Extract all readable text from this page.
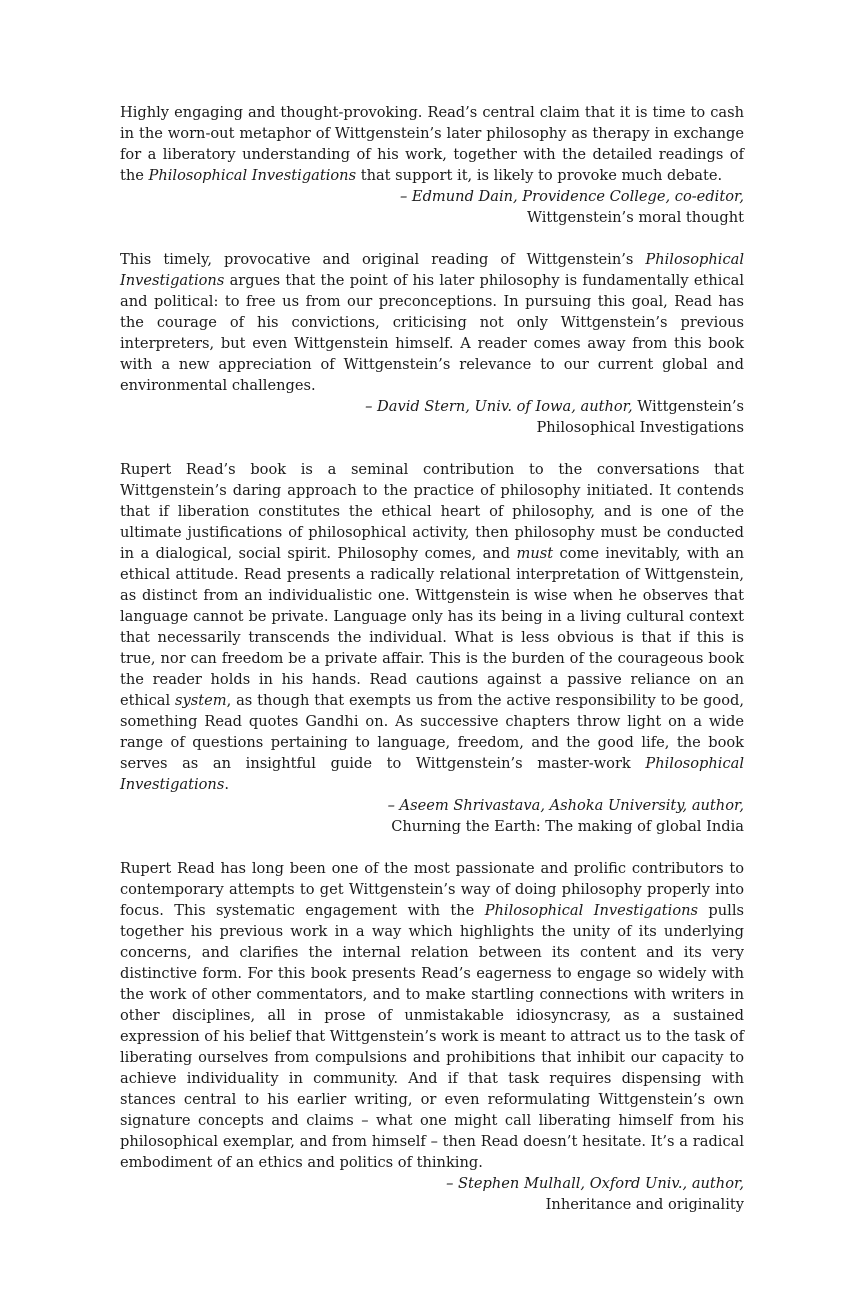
Highly engaging and thought-provoking. Read’s central claim that it is time to cash in the worn-out metaphor of Wittgenstein’s later philosophy as therapy in exchange for a liberatory understanding of his work, together with the detailed readings of the Philosophical Investigations that support it, is likely to provoke much debate.

– Edmund Dain, Providence College, co-editor,
Wittgenstein’s moral thought

This timely, provocative and original reading of Wittgenstein’s Philosophical Investigations argues that the point of his later philosophy is fundamentally ethical and political: to free us from our preconceptions. In pursuing this goal, Read has the courage of his convictions, criticising not only Wittgenstein’s previous interpreters, but even Wittgenstein himself. A reader comes away from this book with a new appreciation of Wittgenstein’s relevance to our current global and environmental challenges.

– David Stern, Univ. of Iowa, author, Wittgenstein’s
Philosophical Investigations

Rupert Read’s book is a seminal contribution to the conversations that Wittgenstein’s daring approach to the practice of philosophy initiated. It contends that if liberation constitutes the ethical heart of philosophy, and is one of the ultimate justifications of philosophical activity, then philosophy must be conducted in a dialogical, social spirit. Philosophy comes, and must come inevitably, with an ethical attitude. Read presents a radically relational interpretation of Wittgenstein, as distinct from an individualistic one. Wittgenstein is wise when he observes that language cannot be private. Language only has its being in a living cultural context that necessarily transcends the individual. What is less obvious is that if this is true, nor can freedom be a private affair. This is the burden of the courageous book the reader holds in his hands. Read cautions against a passive reliance on an ethical system, as though that exempts us from the active responsibility to be good, something Read quotes Gandhi on. As successive chapters throw light on a wide range of questions pertaining to language, freedom, and the good life, the book serves as an insightful guide to Wittgenstein’s master-work Philosophical Investigations.

– Aseem Shrivastava, Ashoka University, author,
Churning the Earth: The making of global India

Rupert Read has long been one of the most passionate and prolific contributors to contemporary attempts to get Wittgenstein’s way of doing philosophy properly into focus. This systematic engagement with the Philosophical Investigations pulls together his previous work in a way which highlights the unity of its underlying concerns, and clarifies the internal relation between its content and its very distinctive form. For this book presents Read’s eagerness to engage so widely with the work of other commentators, and to make startling connections with writers in other disciplines, all in prose of unmistakable idiosyncrasy, as a sustained expression of his belief that Wittgenstein’s work is meant to attract us to the task of liberating ourselves from compulsions and prohibitions that inhibit our capacity to achieve individuality in community. And if that task requires dispensing with stances central to his earlier writing, or even reformulating Wittgenstein’s own signature concepts and claims – what one might call liberating himself from his philosophical exemplar, and from himself – then Read doesn’t hesitate. It’s a radical embodiment of an ethics and politics of thinking.

– Stephen Mulhall, Oxford Univ., author,
Inheritance and originality
